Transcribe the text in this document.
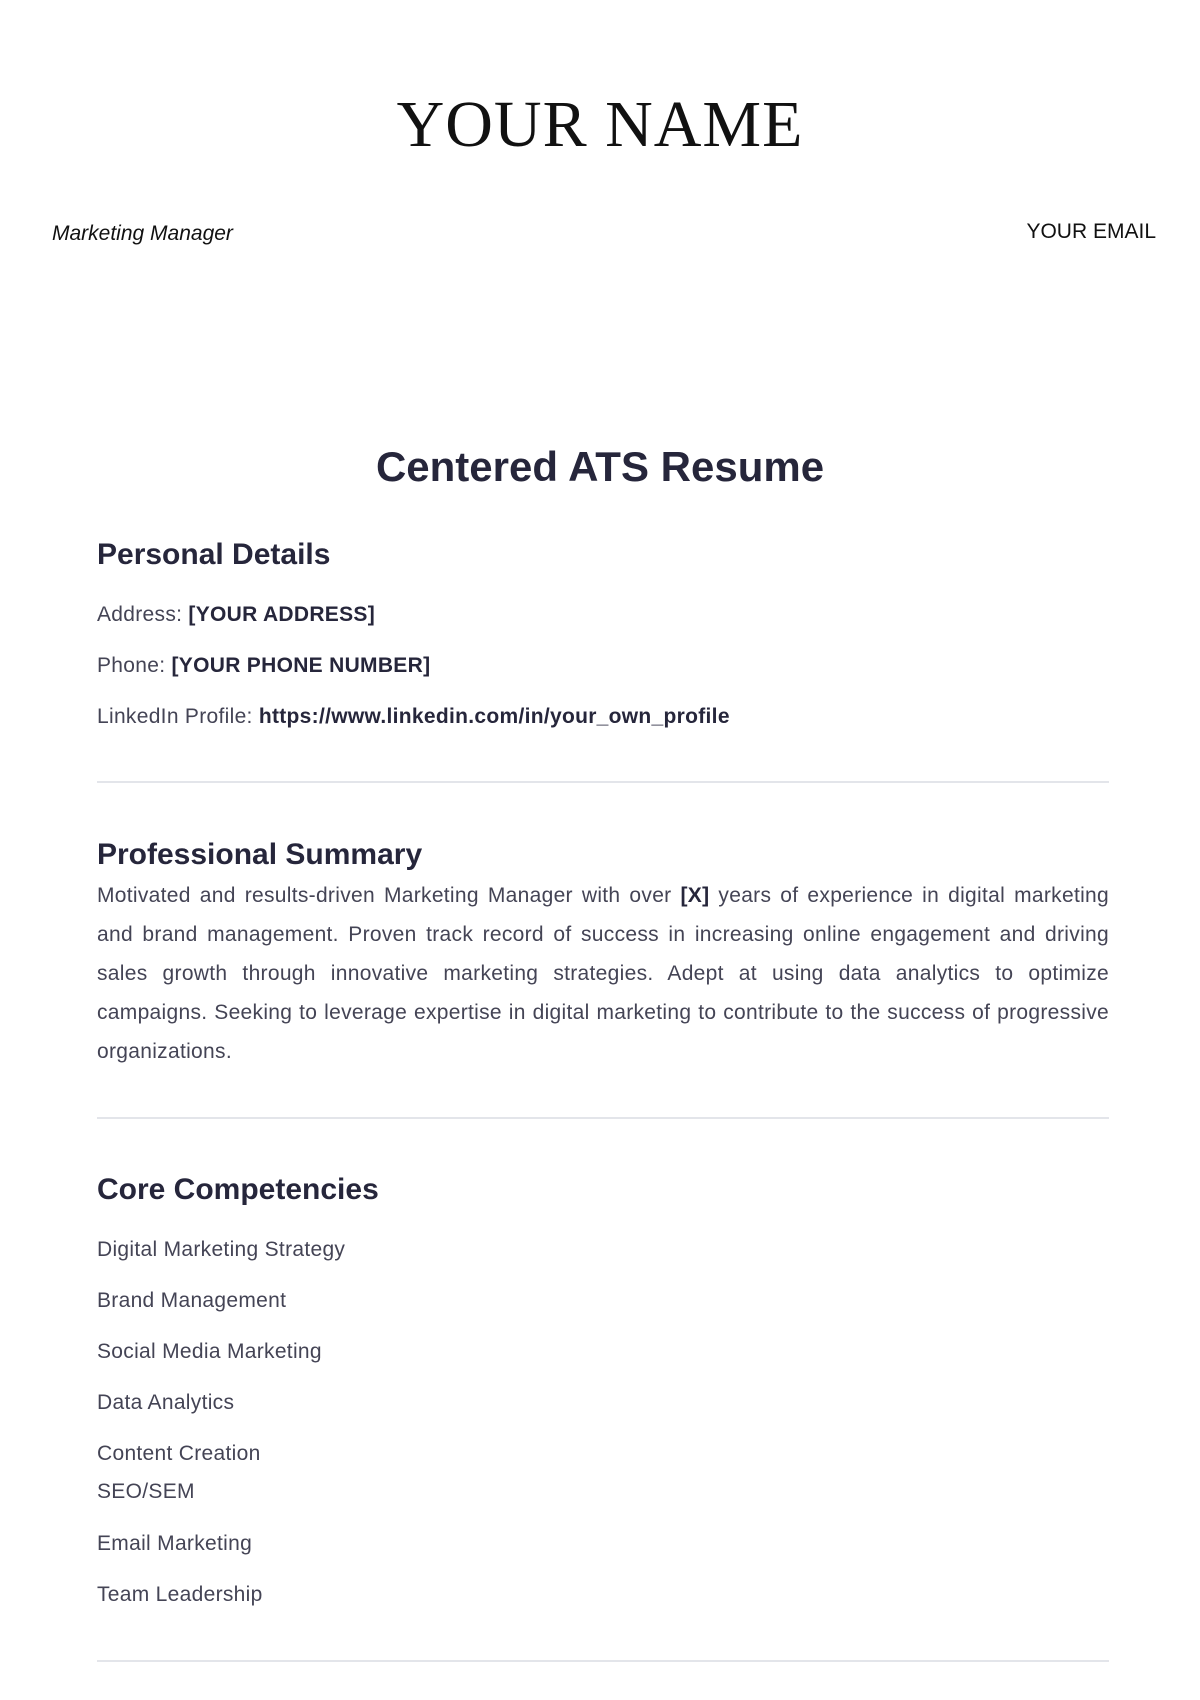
YOUR NAME
Marketing Manager	YOUR EMAIL
Centered ATS Resume
Personal Details
Address: [YOUR ADDRESS]
Phone: [YOUR PHONE NUMBER]
LinkedIn Profile: https://www.linkedin.com/in/your_own_profile
Professional Summary
Motivated and results-driven Marketing Manager with over [X] years of experience in digital marketing and brand management. Proven track record of success in increasing online engagement and driving sales growth through innovative marketing strategies. Adept at using data analytics to optimize campaigns. Seeking to leverage expertise in digital marketing to contribute to the success of progressive organizations.
Core Competencies
Digital Marketing Strategy
Brand Management
Social Media Marketing
Data Analytics
Content Creation
SEO/SEM
Email Marketing
Team Leadership
